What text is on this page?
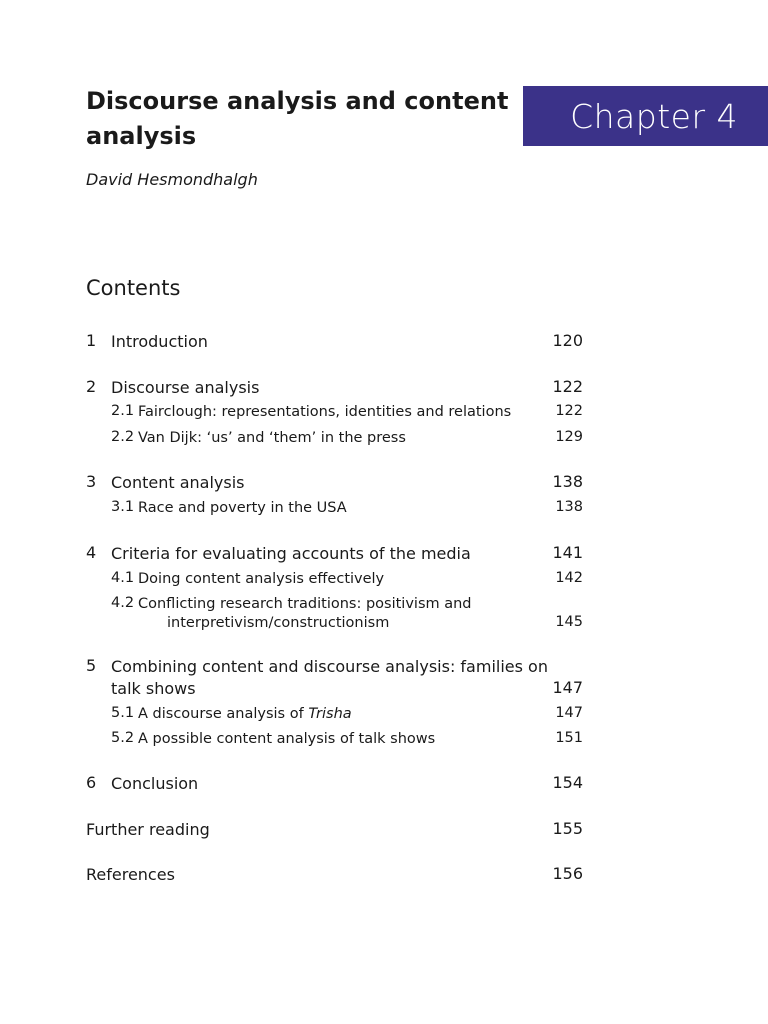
Chapter 4
Discourse analysis and content analysis
David Hesmondhalgh
Contents
1 Introduction	120
2 Discourse analysis	122
2.1 Fairclough: representations, identities and relations	122
2.2 Van Dijk: ‘us’ and ‘them’ in the press	129
3 Content analysis	138
3.1 Race and poverty in the USA	138
4 Criteria for evaluating accounts of the media	141
4.1 Doing content analysis effectively	142
4.2 Conflicting research traditions: positivism and
interpretivism/constructionism	145
5 Combining content and discourse analysis: families on
talk shows	147
5.1 A discourse analysis of Trisha	147
5.2 A possible content analysis of talk shows	151
6 Conclusion	154
Further reading	155
References	156
